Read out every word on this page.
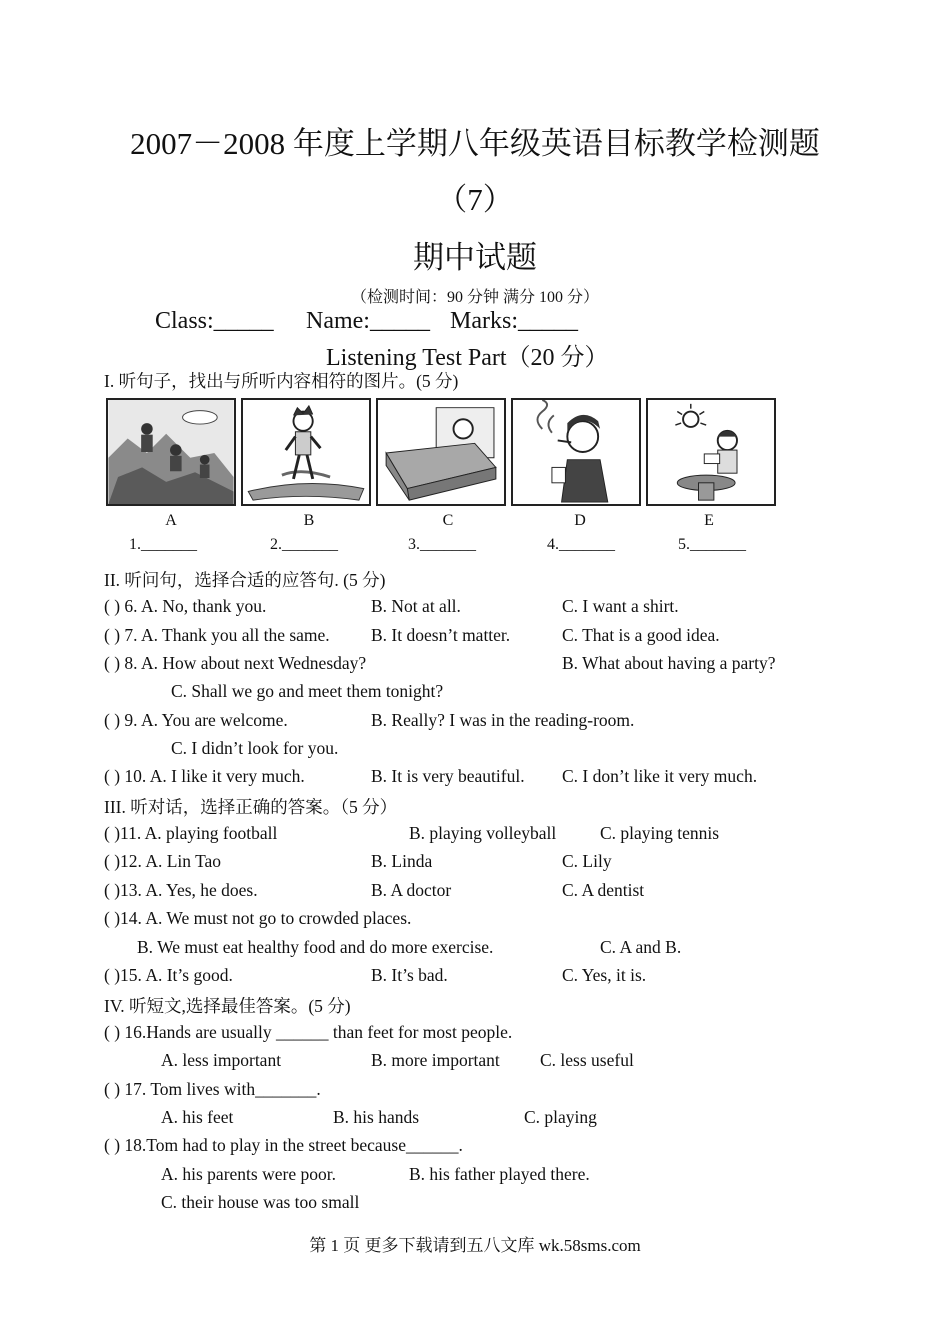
2007－2008 年度上学期八年级英语目标教学检测题
（7）
期中试题
（检测时间：90 分钟 满分 100 分）
Class:_____ Name:_____ Marks:_____
Listening Test Part（20 分）
I. 听句子，找出与所听内容相符的图片。(5 分)
A	B	C	D	E
1._______	2._______	3._______	4._______	5._______
II. 听问句，选择合适的应答句. (5 分)
( ) 6. A. No, thank you.	B. Not at all.	C. I want a shirt.
( ) 7. A. Thank you all the same. B. It doesn’t matter.	C. That is a good idea.
( ) 8. A. How about next Wednesday?	B. What about having a party?
C. Shall we go and meet them tonight?
( ) 9. A. You are welcome.	B. Really? I was in the reading-room.
C. I didn’t look for you.
( ) 10. A. I like it very much.	B. It is very beautiful. C. I don’t like it very much.
III. 听对话，选择正确的答案。（5 分）
( )11. A. playing football	B. playing volleyball C. playing tennis
( )12. A. Lin Tao	B. Linda	C. Lily
( )13. A. Yes, he does.	B. A doctor	C. A dentist
( )14. A. We must not go to crowded places.
B. We must eat healthy food and do more exercise.	C. A and B.
( )15. A. It’s good.	B. It’s bad.	C. Yes, it is.
IV. 听短文,选择最佳答案。(5 分)
( ) 16.Hands are usually ______ than feet for most people.
A. less important	B. more important C. less useful
( ) 17. Tom lives with_______.
A. his feet	B. his hands	C. playing
( ) 18.Tom had to play in the street because______.
A. his parents were poor.	B. his father played there.
C. their house was too small
第 1 页 更多下载请到五八文库 wk.58sms.com
